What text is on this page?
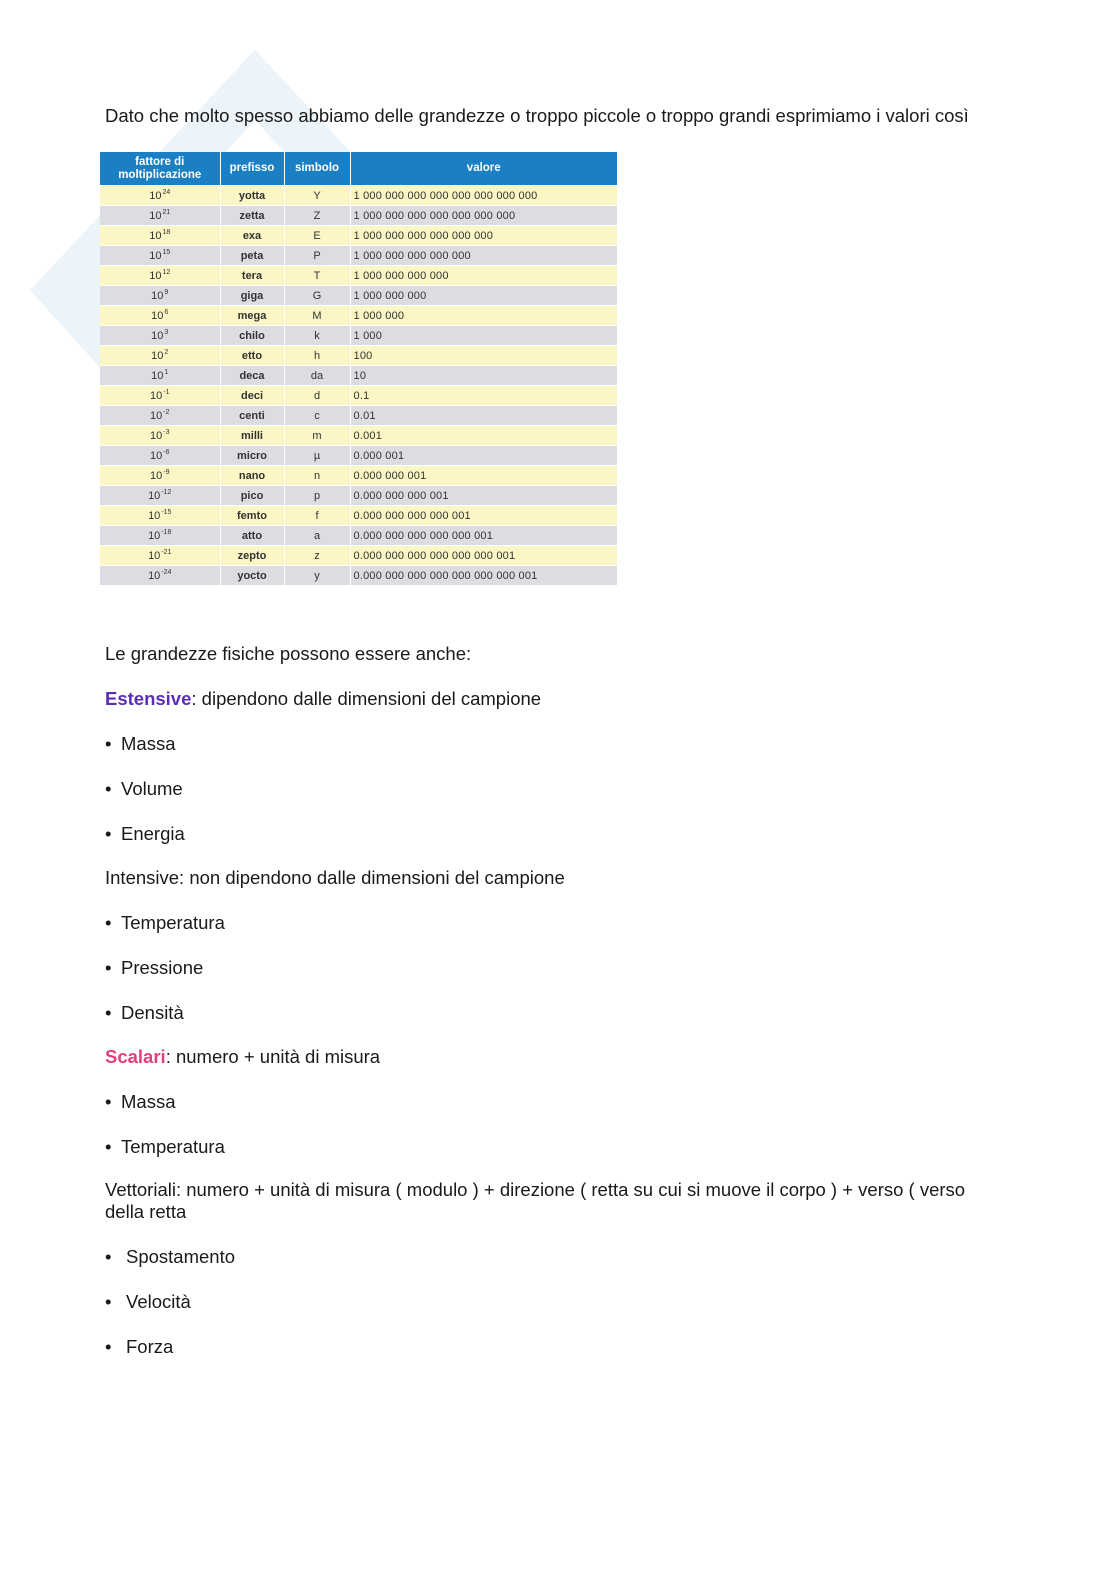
Dato che molto spesso abbiamo delle grandezze o troppo piccole o troppo grandi esprimiamo i valori così

fattore di moltiplicazione	prefisso	simbolo	valore
$10^{24}$	yotta	Y	1 000 000 000 000 000 000 000 000
$10^{21}$	zetta	Z	1 000 000 000 000 000 000 000
$10^{18}$	exa	E	1 000 000 000 000 000 000
$10^{15}$	peta	P	1 000 000 000 000 000
$10^{12}$	tera	T	1 000 000 000 000
$10^9$	giga	G	1 000 000 000
$10^6$	mega	M	1 000 000
$10^3$	chilo	k	1 000
$10^2$	etto	h	100
$10^1$	deca	da	10
$10^{-1}$	deci	d	0.1
$10^{-2}$	centi	c	0.01
$10^{-3}$	milli	m	0.001
$10^{-6}$	micro	µ	0.000 001
$10^{-9}$	nano	n	0.000 000 001
$10^{-12}$	pico	p	0.000 000 000 001
$10^{-15}$	femto	f	0.000 000 000 000 001
$10^{-18}$	atto	a	0.000 000 000 000 000 001
$10^{-21}$	zepto	z	0.000 000 000 000 000 000 001
$10^{-24}$	yocto	y	0.000 000 000 000 000 000 000 001

Le grandezze fisiche possono essere anche:

Estensive: dipendono dalle dimensioni del campione

• Massa

• Volume

• Energia

Intensive: non dipendono dalle dimensioni del campione

• Temperatura

• Pressione

• Densità

Scalari: numero + unità di misura

• Massa

• Temperatura

Vettoriali: numero + unità di misura ( modulo ) + direzione ( retta su cui si muove il corpo ) + verso ( verso della retta

• Spostamento

• Velocità

• Forza
